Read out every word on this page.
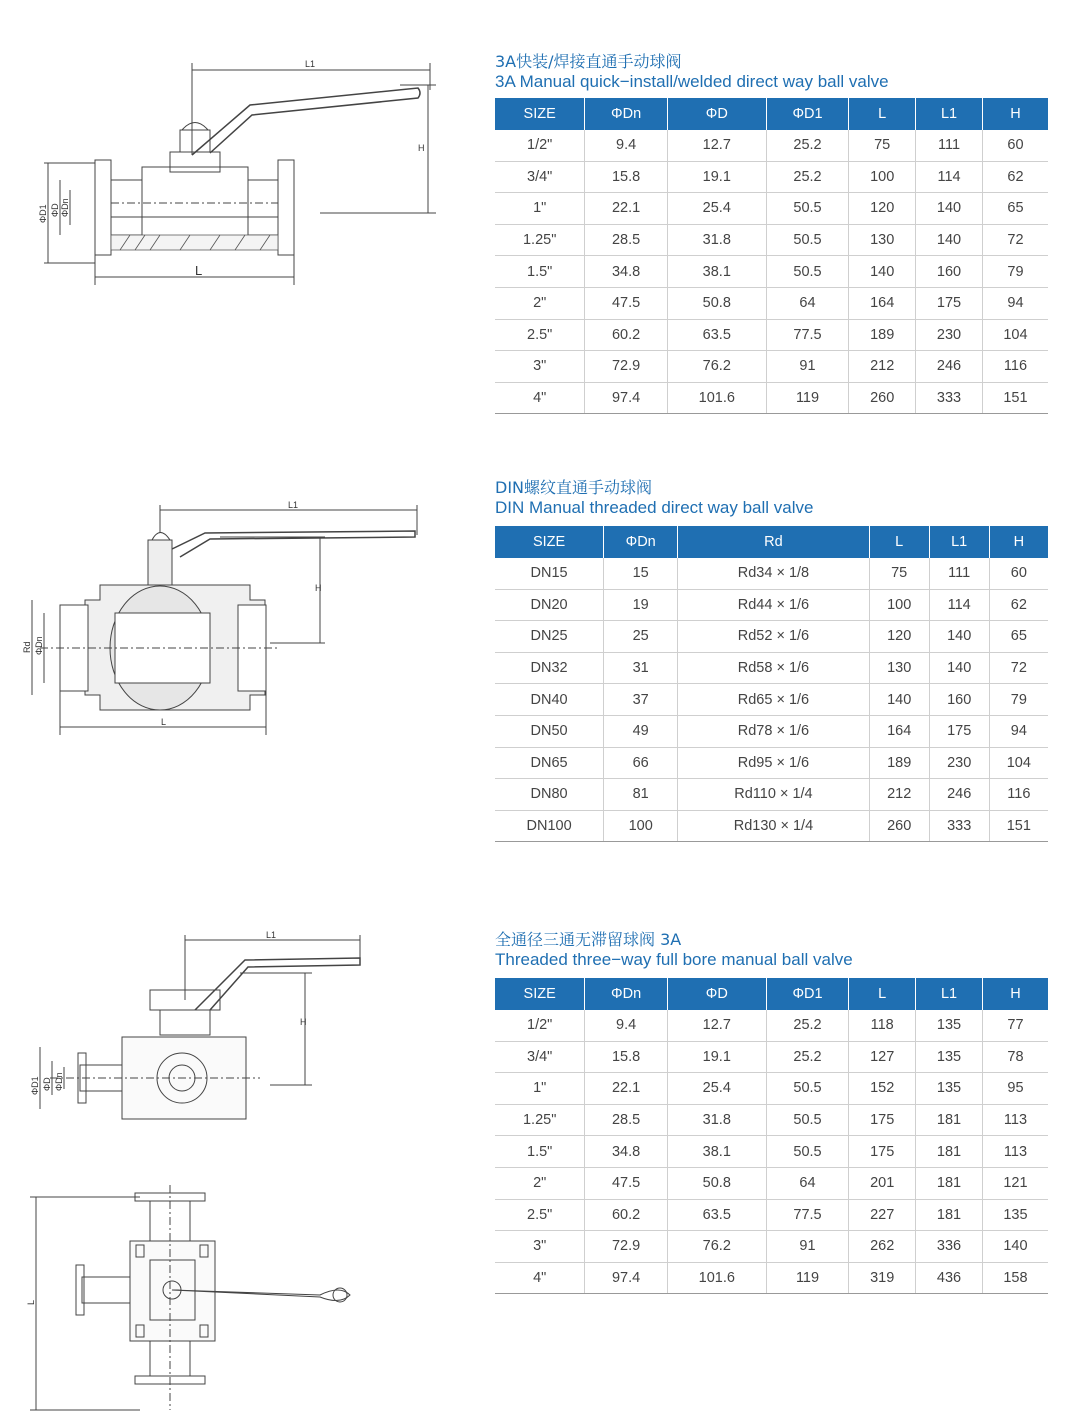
L1
H
L
ΦD1 ΦD ΦDn
3A快装/焊接直通手动球阀
3A Manual quick−install/welded direct way ball valve
SIZE	ΦDn	ΦD	ΦD1	L	L1	H
1/2"	9.4	12.7	25.2	75	111	60
3/4"	15.8	19.1	25.2	100	114	62
1"	22.1	25.4	50.5	120	140	65
1.25"	28.5	31.8	50.5	130	140	72
1.5"	34.8	38.1	50.5	140	160	79
2"	47.5	50.8	64	164	175	94
2.5"	60.2	63.5	77.5	189	230	104
3"	72.9	76.2	91	212	246	116
4"	97.4	101.6	119	260	333	151
L1
H
L
Rd ΦDn
DIN螺纹直通手动球阀
DIN Manual threaded direct way ball valve
SIZE	ΦDn	Rd	L	L1	H
DN15	15	Rd34 × 1/8	75	111	60
DN20	19	Rd44 × 1/6	100	114	62
DN25	25	Rd52 × 1/6	120	140	65
DN32	31	Rd58 × 1/6	130	140	72
DN40	37	Rd65 × 1/6	140	160	79
DN50	49	Rd78 × 1/6	164	175	94
DN65	66	Rd95 × 1/6	189	230	104
DN80	81	Rd110 × 1/4	212	246	116
DN100	100	Rd130 × 1/4	260	333	151
L1
H
ΦD1 ΦD ΦDn
L
全通径三通无滞留球阀 3A
Threaded three−way full bore manual ball valve
SIZE	ΦDn	ΦD	ΦD1	L	L1	H
1/2"	9.4	12.7	25.2	118	135	77
3/4"	15.8	19.1	25.2	127	135	78
1"	22.1	25.4	50.5	152	135	95
1.25"	28.5	31.8	50.5	175	181	113
1.5"	34.8	38.1	50.5	175	181	113
2"	47.5	50.8	64	201	181	121
2.5"	60.2	63.5	77.5	227	181	135
3"	72.9	76.2	91	262	336	140
4"	97.4	101.6	119	319	436	158
